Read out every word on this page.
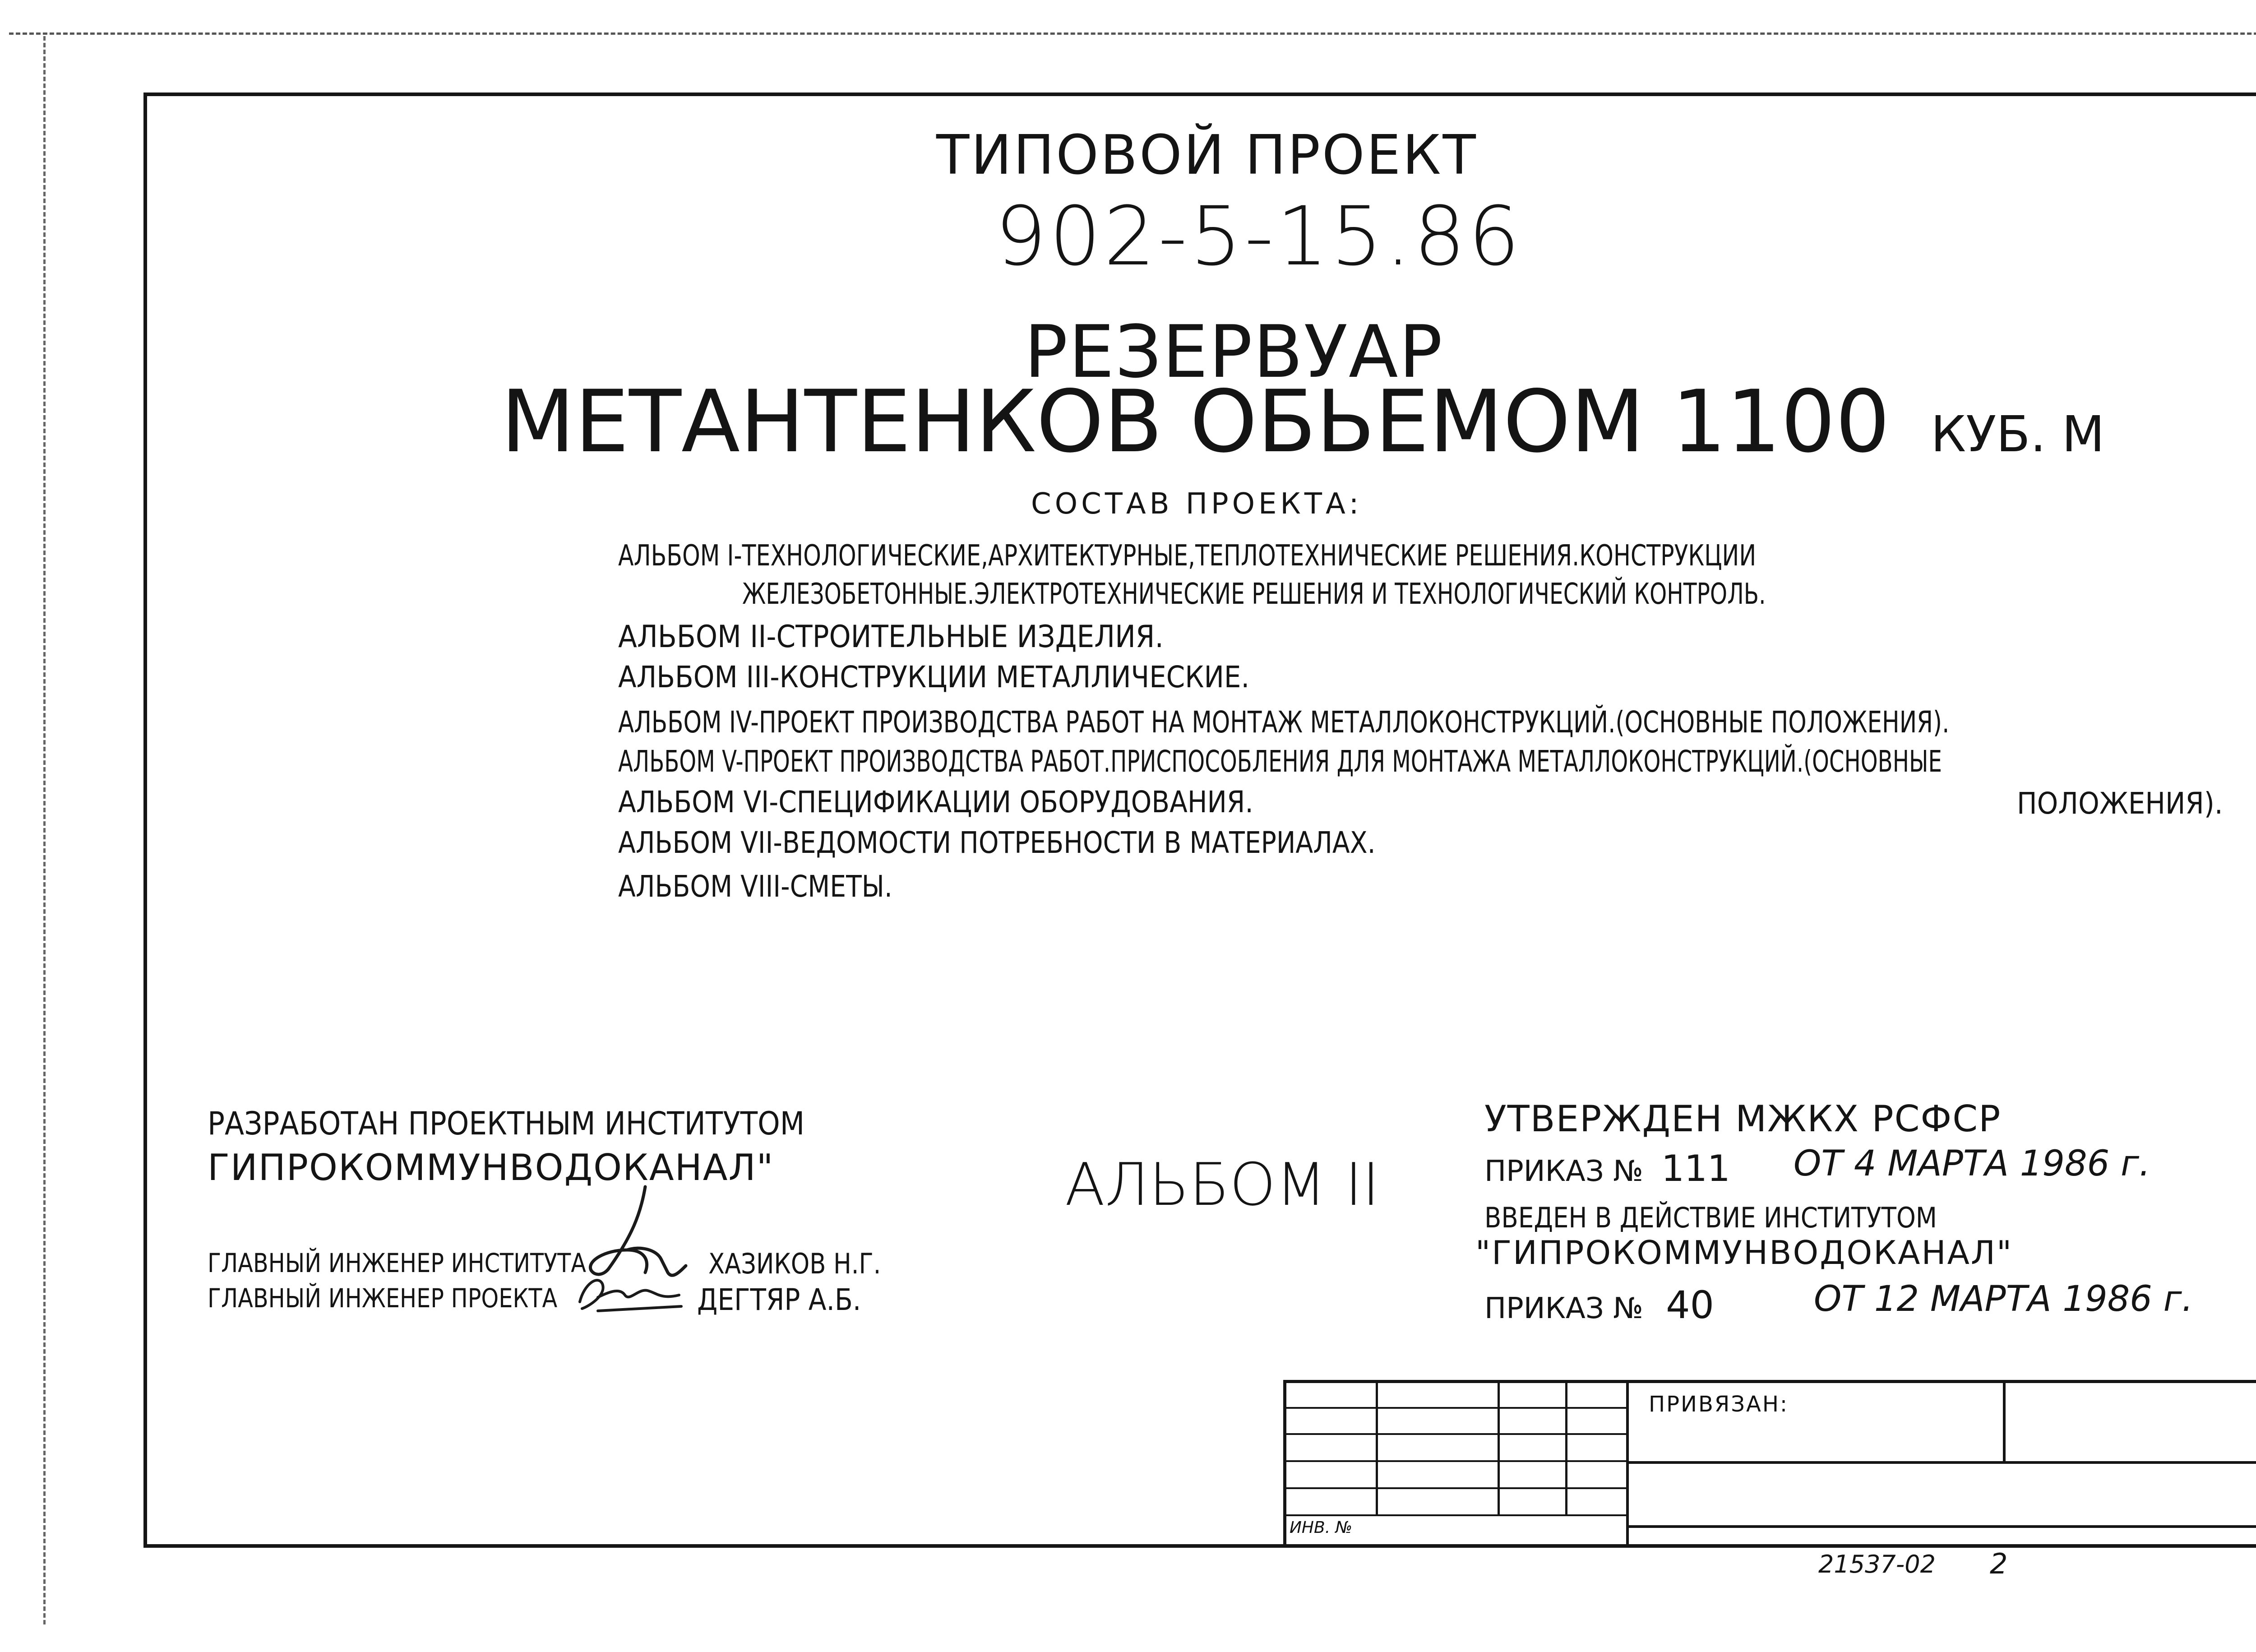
ТИПОВОЙ ПРОЕКТ
902-5-15.86
РЕЗЕРВУАР
МЕТАНТЕНКОВ ОБЬЕМОМ 1100 КУБ. М
СОСТАВ ПРОЕКТА:
АЛЬБОМ I-ТЕХНОЛОГИЧЕСКИЕ,АРХИТЕКТУРНЫЕ,ТЕПЛОТЕХНИЧЕСКИЕ РЕШЕНИЯ.КОНСТРУКЦИИ
ЖЕЛЕЗОБЕТОННЫЕ.ЭЛЕКТРОТЕХНИЧЕСКИЕ РЕШЕНИЯ И ТЕХНОЛОГИЧЕСКИЙ КОНТРОЛЬ.
АЛЬБОМ II-СТРОИТЕЛЬНЫЕ ИЗДЕЛИЯ.
АЛЬБОМ III-КОНСТРУКЦИИ МЕТАЛЛИЧЕСКИЕ.
АЛЬБОМ IV-ПРОЕКТ ПРОИЗВОДСТВА РАБОТ НА МОНТАЖ МЕТАЛЛОКОНСТРУКЦИЙ.(ОСНОВНЫЕ ПОЛОЖЕНИЯ).
АЛЬБОМ V-ПРОЕКТ ПРОИЗВОДСТВА РАБОТ.ПРИСПОСОБЛЕНИЯ ДЛЯ МОНТАЖА МЕТАЛЛОКОНСТРУКЦИЙ.(ОСНОВНЫЕ
ПОЛОЖЕНИЯ).
АЛЬБОМ VI-СПЕЦИФИКАЦИИ ОБОРУДОВАНИЯ.
АЛЬБОМ VII-ВЕДОМОСТИ ПОТРЕБНОСТИ В МАТЕРИАЛАХ.
АЛЬБОМ VIII-СМЕТЫ.
РАЗРАБОТАН ПРОЕКТНЫМ ИНСТИТУТОМ
ГИПРОКОММУНВОДОКАНАЛ"
ГЛАВНЫЙ ИНЖЕНЕР ИНСТИТУТА	ХАЗИКОВ Н.Г.
ГЛАВНЫЙ ИНЖЕНЕР ПРОЕКТА	ДЕГТЯР А.Б.
АЛЬБОМ II
УТВЕРЖДЕН МЖКХ РСФСР
ПРИКАЗ № 111 ОТ 4 МАРТА 1986 г.
ВВЕДЕН В ДЕЙСТВИЕ ИНСТИТУТОМ
"ГИПРОКОММУНВОДОКАНАЛ"
ПРИКАЗ № 40	ОТ 12 МАРТА 1986 г.
ПРИВЯЗАН:
ИНВ. №
21537-02 2
